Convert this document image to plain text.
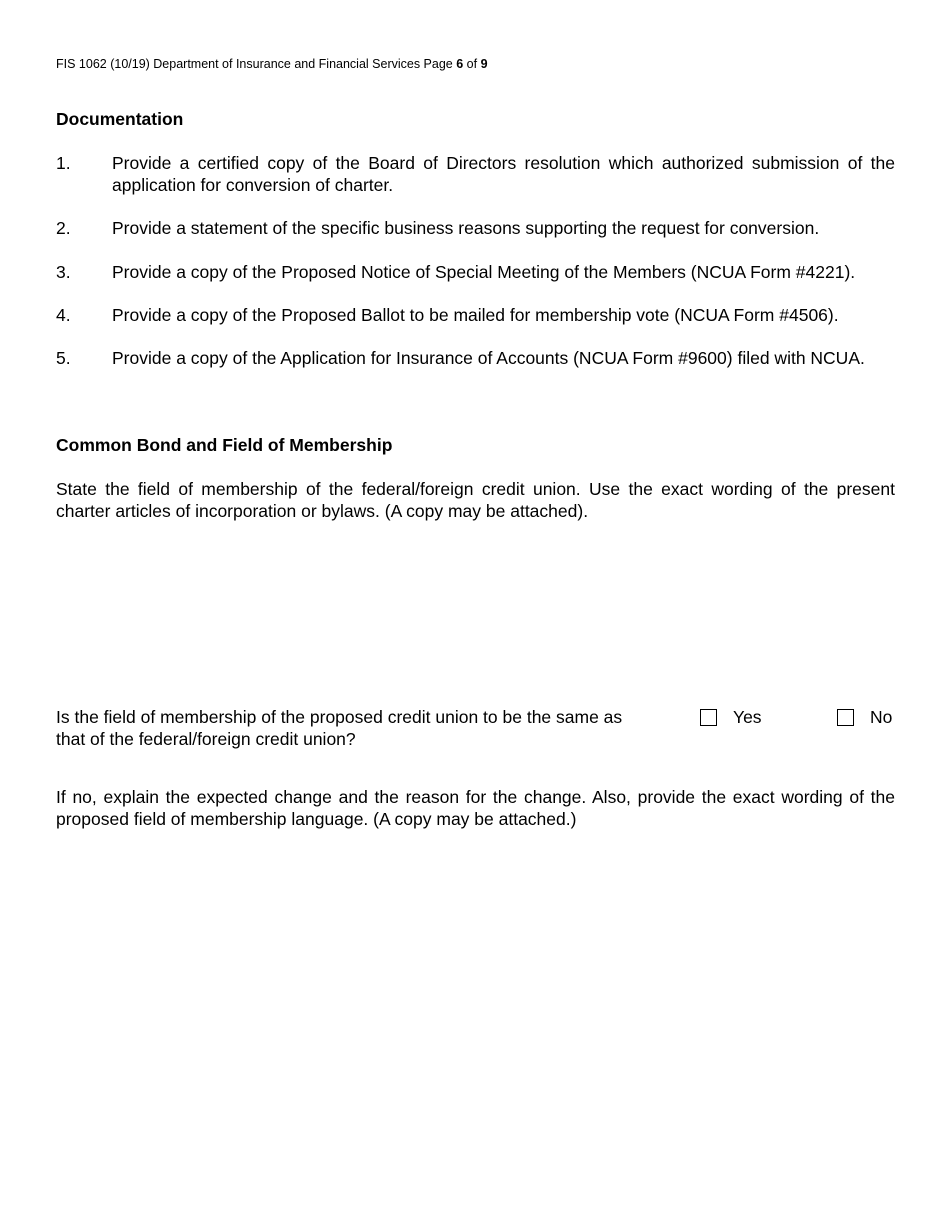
FIS 1062 (10/19) Department of Insurance and Financial Services Page 6 of 9
Documentation
1. Provide a certified copy of the Board of Directors resolution which authorized submission of the application for conversion of charter.
2. Provide a statement of the specific business reasons supporting the request for conversion.
3. Provide a copy of the Proposed Notice of Special Meeting of the Members (NCUA Form #4221).
4. Provide a copy of the Proposed Ballot to be mailed for membership vote (NCUA Form #4506).
5. Provide a copy of the Application for Insurance of Accounts (NCUA Form #9600) filed with NCUA.
Common Bond and Field of Membership
State the field of membership of the federal/foreign credit union. Use the exact wording of the present charter articles of incorporation or bylaws. (A copy may be attached).
Is the field of membership of the proposed credit union to be the same as that of the federal/foreign credit union?
Yes	No
If no, explain the expected change and the reason for the change. Also, provide the exact wording of the proposed field of membership language. (A copy may be attached.)
